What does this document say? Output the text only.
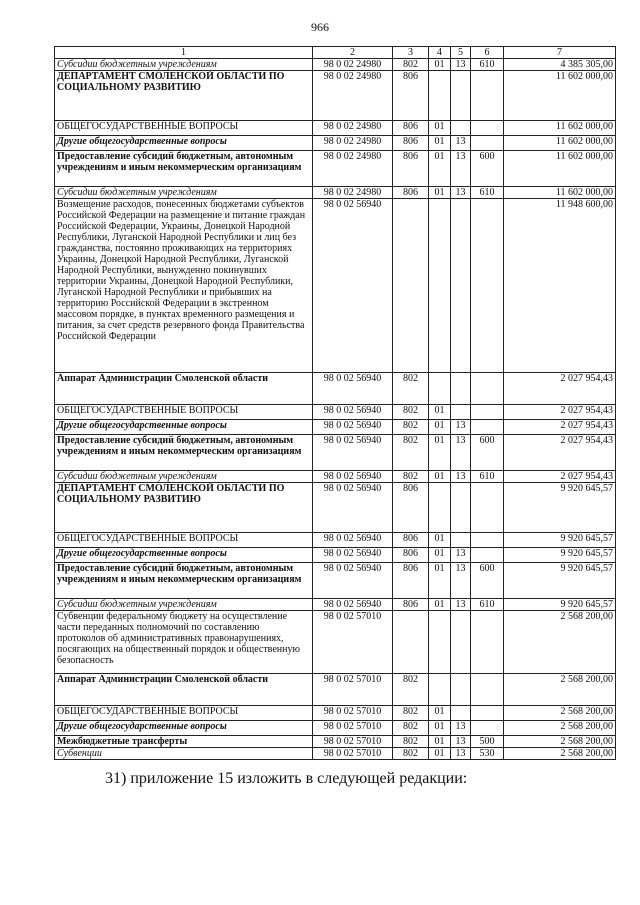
966
1	2	3	4	5	6	7
Субсидии бюджетным учреждениям	98 0 02 24980	802	01	13	610	4 385 305,00
ДЕПАРТАМЕНТ СМОЛЕНСКОЙ ОБЛАСТИ ПО СОЦИАЛЬНОМУ РАЗВИТИЮ	98 0 02 24980	806				11 602 000,00
ОБЩЕГОСУДАРСТВЕННЫЕ ВОПРОСЫ	98 0 02 24980	806	01			11 602 000,00
Другие общегосударственные вопросы	98 0 02 24980	806	01	13		11 602 000,00
Предоставление субсидий бюджетным, автономным учреждениям и иным некоммерческим организациям	98 0 02 24980	806	01	13	600	11 602 000,00
Субсидии бюджетным учреждениям	98 0 02 24980	806	01	13	610	11 602 000,00
Возмещение расходов, понесенных бюджетами субъектов Российской Федерации на размещение и питание граждан Российской Федерации, Украины, Донецкой Народной Республики, Луганской Народной Республики и лиц без гражданства, постоянно проживающих на территориях Украины, Донецкой Народной Республики, Луганской Народной Республики, вынужденно покинувших территории Украины, Донецкой Народной Республики, Луганской Народной Республики и прибывших на территорию Российской Федерации в экстренном массовом порядке, в пунктах временного размещения и питания, за счет средств резервного фонда Правительства Российской Федерации	98 0 02 56940					11 948 600,00
Аппарат Администрации Смоленской области	98 0 02 56940	802				2 027 954,43
ОБЩЕГОСУДАРСТВЕННЫЕ ВОПРОСЫ	98 0 02 56940	802	01			2 027 954,43
Другие общегосударственные вопросы	98 0 02 56940	802	01	13		2 027 954,43
Предоставление субсидий бюджетным, автономным учреждениям и иным некоммерческим организациям	98 0 02 56940	802	01	13	600	2 027 954,43
Субсидии бюджетным учреждениям	98 0 02 56940	802	01	13	610	2 027 954,43
ДЕПАРТАМЕНТ СМОЛЕНСКОЙ ОБЛАСТИ ПО СОЦИАЛЬНОМУ РАЗВИТИЮ	98 0 02 56940	806				9 920 645,57
ОБЩЕГОСУДАРСТВЕННЫЕ ВОПРОСЫ	98 0 02 56940	806	01			9 920 645,57
Другие общегосударственные вопросы	98 0 02 56940	806	01	13		9 920 645,57
Предоставление субсидий бюджетным, автономным учреждениям и иным некоммерческим организациям	98 0 02 56940	806	01	13	600	9 920 645,57
Субсидии бюджетным учреждениям	98 0 02 56940	806	01	13	610	9 920 645,57
Субвенции федеральному бюджету на осуществление части переданных полномочий по составлению протоколов об административных правонарушениях, посягающих на общественный порядок и общественную безопасность	98 0 02 57010					2 568 200,00
Аппарат Администрации Смоленской области	98 0 02 57010	802				2 568 200,00
ОБЩЕГОСУДАРСТВЕННЫЕ ВОПРОСЫ	98 0 02 57010	802	01			2 568 200,00
Другие общегосударственные вопросы	98 0 02 57010	802	01	13		2 568 200,00
Межбюджетные трансферты	98 0 02 57010	802	01	13	500	2 568 200,00
Субвенции	98 0 02 57010	802	01	13	530	2 568 200,00
31) приложение 15 изложить в следующей редакции:
